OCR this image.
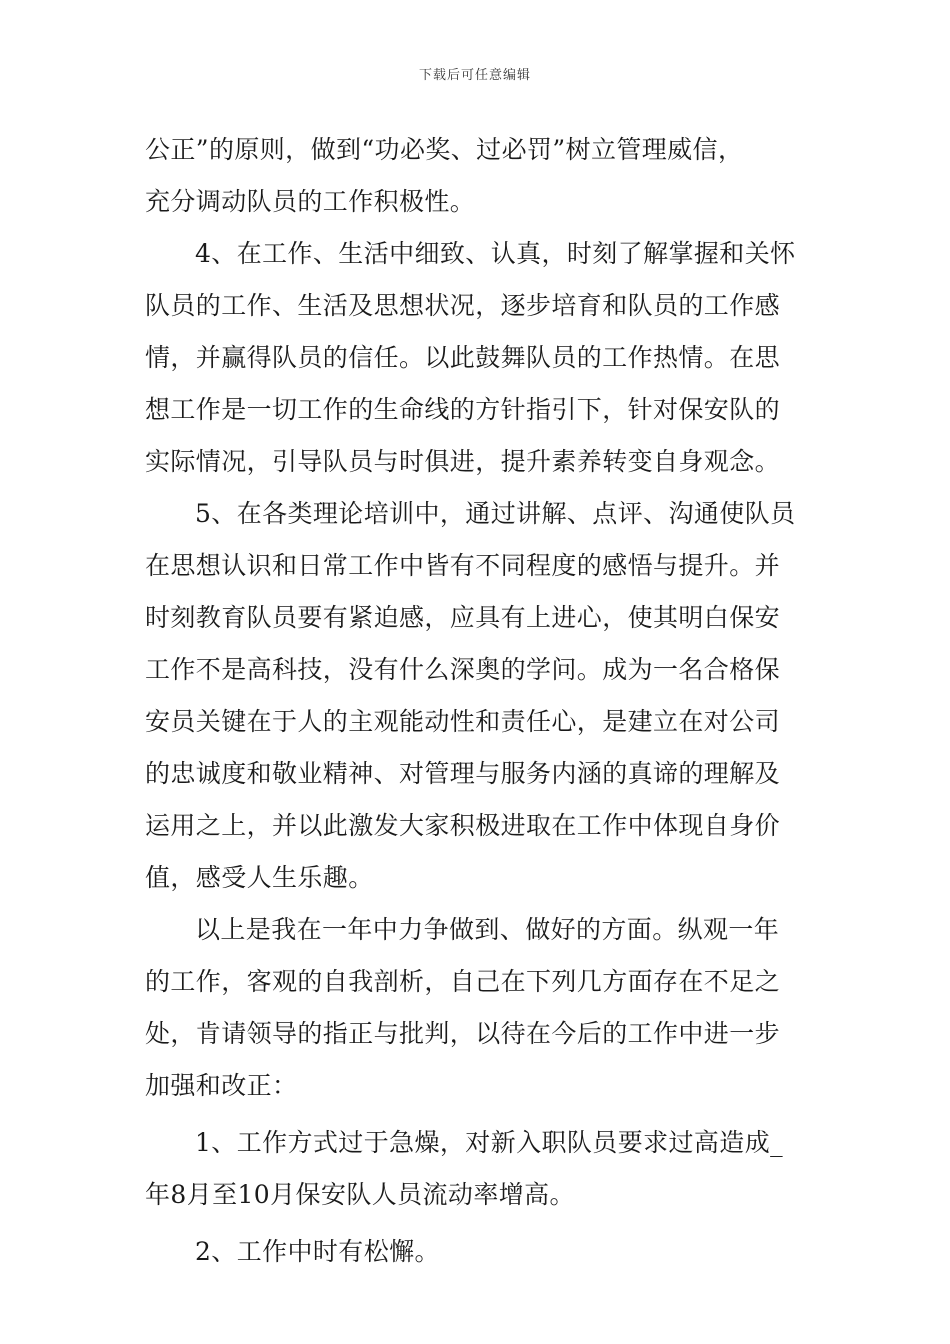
下载后可任意编辑
公正”的原则，做到“功必奖、过必罚”树立管理威信，
充分调动队员的工作积极性。
4、在工作、生活中细致、认真，时刻了解掌握和关怀
队员的工作、生活及思想状况，逐步培育和队员的工作感
情，并赢得队员的信任。以此鼓舞队员的工作热情。在思
想工作是一切工作的生命线的方针指引下，针对保安队的
实际情况，引导队员与时俱进，提升素养转变自身观念。
5、在各类理论培训中，通过讲解、点评、沟通使队员
在思想认识和日常工作中皆有不同程度的感悟与提升。并
时刻教育队员要有紧迫感，应具有上进心，使其明白保安
工作不是高科技，没有什么深奥的学问。成为一名合格保
安员关键在于人的主观能动性和责任心，是建立在对公司
的忠诚度和敬业精神、对管理与服务内涵的真谛的理解及
运用之上，并以此激发大家积极进取在工作中体现自身价
值，感受人生乐趣。
以上是我在一年中力争做到、做好的方面。纵观一年
的工作，客观的自我剖析，自己在下列几方面存在不足之
处，肯请领导的指正与批判，以待在今后的工作中进一步
加强和改正：
1、工作方式过于急燥，对新入职队员要求过高造成_
年8月至10月保安队人员流动率增高。
2、工作中时有松懈。
